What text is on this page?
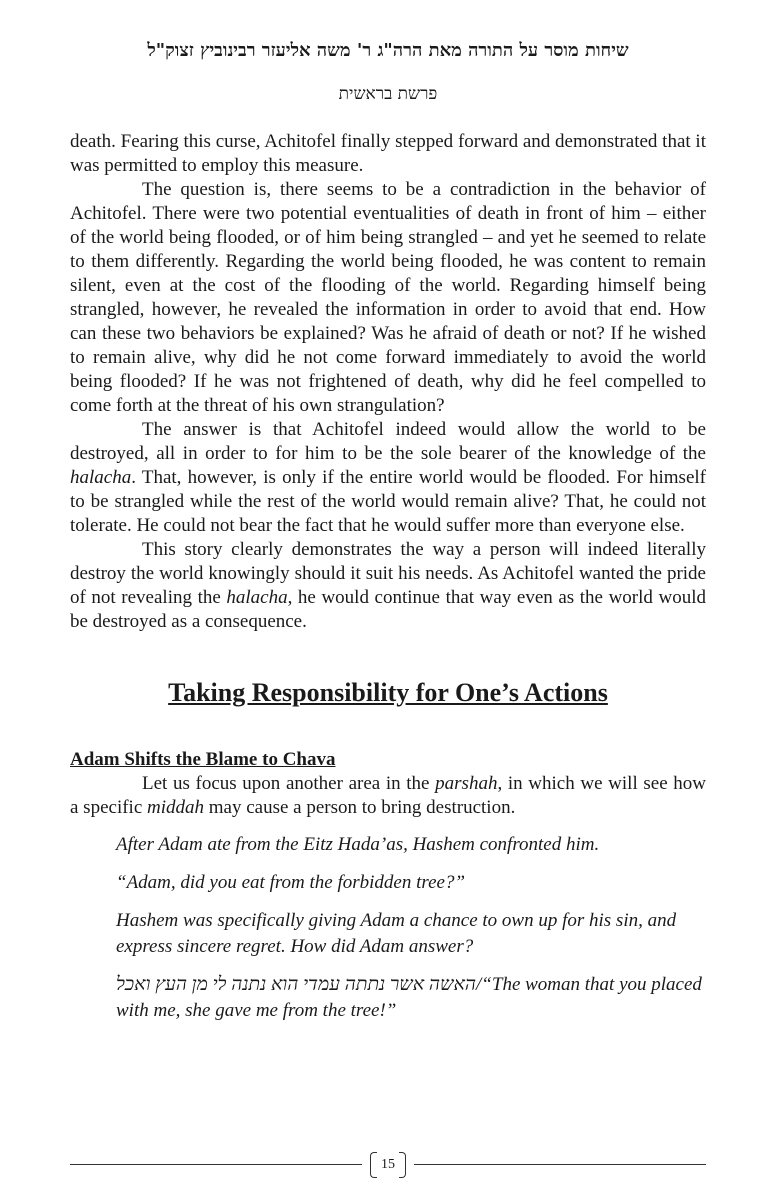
שיחות מוסר על התורה מאת הרה"ג ר' משה אליעזר רבינוביץ זצוק"ל
פרשת בראשית

death. Fearing this curse, Achitofel finally stepped forward and demonstrated that it was permitted to employ this measure.

The question is, there seems to be a contradiction in the behavior of Achitofel. There were two potential eventualities of death in front of him – either of the world being flooded, or of him being strangled – and yet he seemed to relate to them differently. Regarding the world being flooded, he was content to remain silent, even at the cost of the flooding of the world. Regarding himself being strangled, however, he revealed the information in order to avoid that end. How can these two behaviors be explained? Was he afraid of death or not? If he wished to remain alive, why did he not come forward immediately to avoid the world being flooded? If he was not frightened of death, why did he feel compelled to come forth at the threat of his own strangulation?

The answer is that Achitofel indeed would allow the world to be destroyed, all in order to for him to be the sole bearer of the knowledge of the halacha. That, however, is only if the entire world would be flooded. For himself to be strangled while the rest of the world would remain alive? That, he could not tolerate. He could not bear the fact that he would suffer more than everyone else.

This story clearly demonstrates the way a person will indeed literally destroy the world knowingly should it suit his needs. As Achitofel wanted the pride of not revealing the halacha, he would continue that way even as the world would be destroyed as a consequence.

Taking Responsibility for One’s Actions
Adam Shifts the Blame to Chava

Let us focus upon another area in the parshah, in which we will see how a specific middah may cause a person to bring destruction.

After Adam ate from the Eitz Hada’as, Hashem confronted him.
“Adam, did you eat from the forbidden tree?”
Hashem was specifically giving Adam a chance to own up for his sin, and express sincere regret. How did Adam answer?
האשה אשר נתתה עמדי הוא נתנה לי מן העץ ואכל/“The woman that you placed with me, she gave me from the tree!”
15
